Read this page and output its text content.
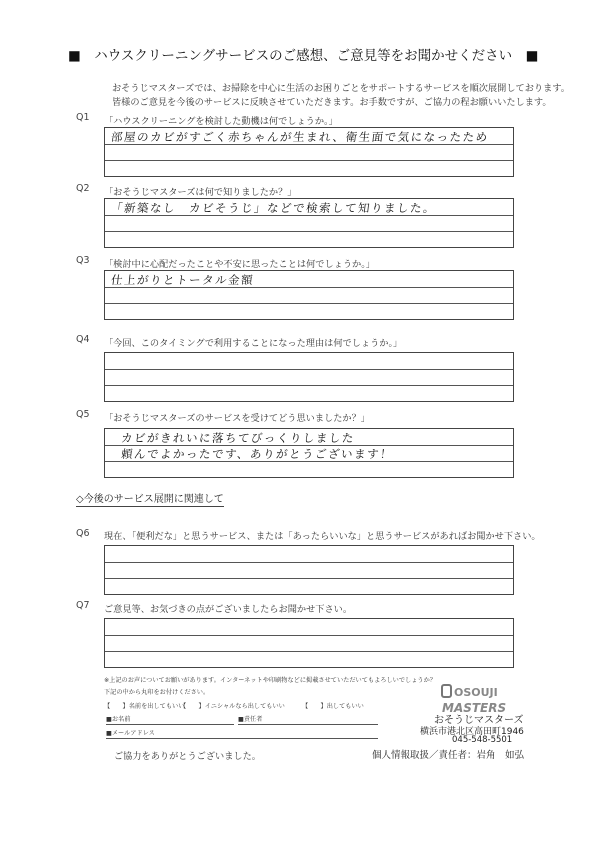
■　ハウスクリーニングサービスのご感想、ご意見等をお聞かせください　■
おそうじマスターズでは、お掃除を中心に生活のお困りごとをサポートするサービスを順次展開しております。
皆様のご意見を今後のサービスに反映させていただきます。お手数ですが、ご協力の程お願いいたします。
Q1 「ハウスクリーニングを検討した動機は何でしょうか。」
部屋のカビがすごく赤ちゃんが生まれ、衛生面で気になったため
Q2 「おそうじマスターズは何で知りましたか？」
「新築なし　カビそうじ」などで検索して知りました。
Q3 「検討中に心配だったことや不安に思ったことは何でしょうか。」
仕上がりとトータル金額
Q4 「今回、このタイミングで利用することになった理由は何でしょうか。」
Q5 「おそうじマスターズのサービスを受けてどう思いましたか？」
カビがきれいに落ちてびっくりしました
頼んでよかったです、ありがとうございます！
◇今後のサービス展開に関連して
Q6 現在、「便利だな」と思うサービス、または「あったらいいな」と思うサービスがあればお聞かせ下さい。
Q7 ご意見等、お気づきの点がございましたらお聞かせ下さい。
※上記のお声についてお願いがあります。インターネットや印刷物などに掲載させていただいてもよろしいでしょうか？
下記の中から丸印をお付けください。
【　　】名前を出してもいい
【　　】イニシャルなら出してもいい	【　　】出してもいい
■お名前	■責任者
■メールアドレス
OSOUJI
MASTERS
おそうじマスターズ
横浜市港北区高田町1946
045-548-5501
個人情報取扱／責任者：岩角　如弘
ご協力をありがとうございました。
